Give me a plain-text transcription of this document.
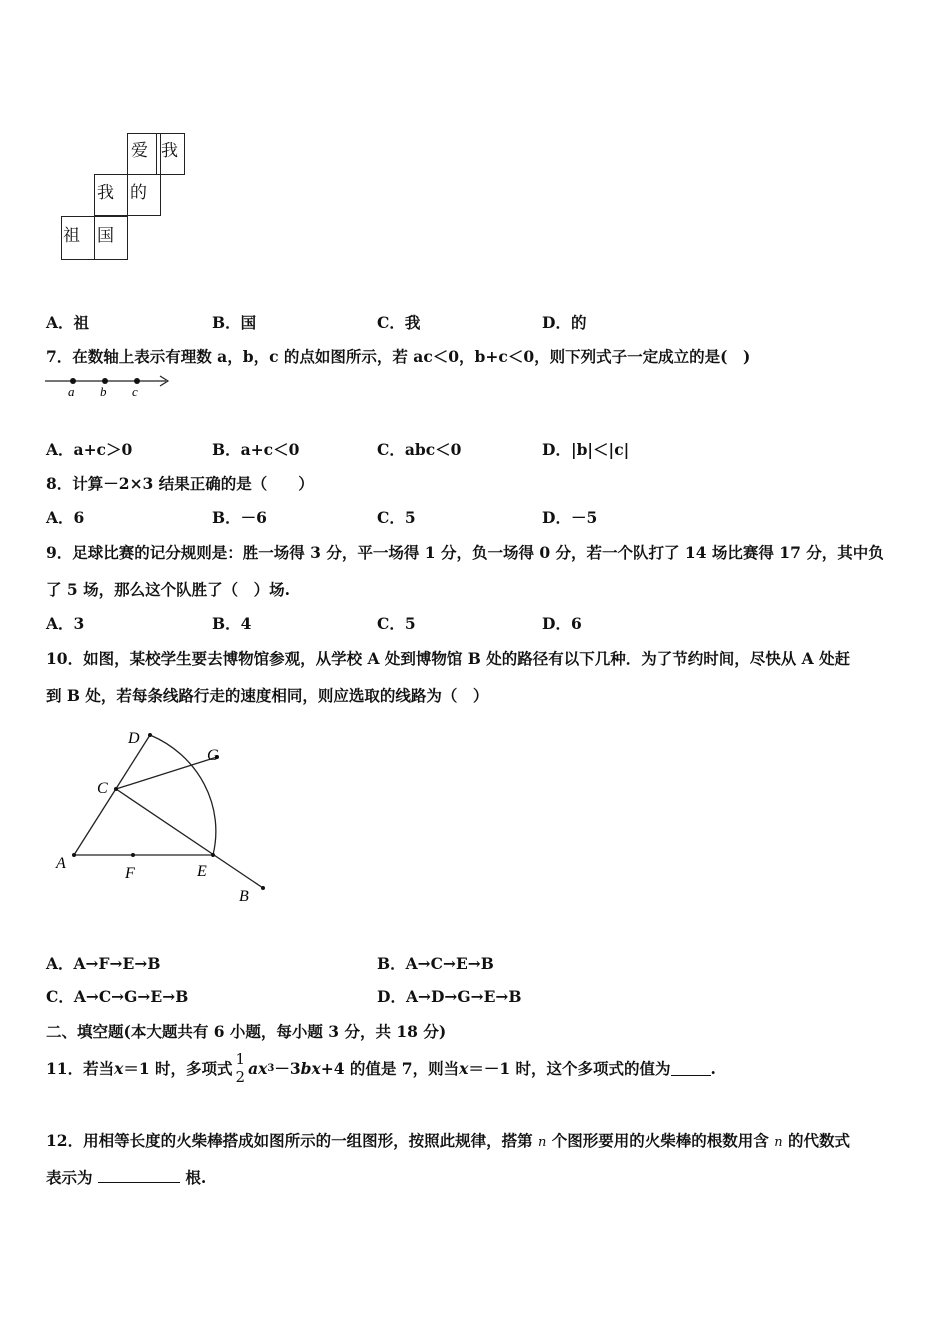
爱 我
我 的
祖 国
A．祖	B．国	C．我	D．的
7．在数轴上表示有理数 a，b，c 的点如图所示，若 ac＜0，b+c＜0，则下列式子一定成立的是(　)
a b c
A．a+c＞0	B．a+c＜0	C．abc＜0	D．|b|＜|c|
8．计算－2×3 结果正确的是（　　）
A．6	B．－6	C．5	D．－5
9．足球比赛的记分规则是：胜一场得 3 分，平一场得 1 分，负一场得 0 分，若一个队打了 14 场比赛得 17 分，其中负
了 5 场，那么这个队胜了（　）场.
A．3	B．4	C．5	D．6
10．如图，某校学生要去博物馆参观，从学校 A 处到博物馆 B 处的路径有以下几种．为了节约时间，尽快从 A 处赶
到 B 处，若每条线路行走的速度相同，则应选取的线路为（　）
D
G
C
A
F	E
B
A．A→F→E→B	B．A→C→E→B
C．A→C→G→E→B	D．A→D→G→E→B
二、填空题(本大题共有 6 小题，每小题 3 分，共 18 分)
11．若当 x ＝1 时，多项式 1
2 ax 3 －3 bx +4 的值是 7，则当 x ＝－1 时，这个多项式的值为	.
12．用相等长度的火柴棒搭成如图所示的一组图形，按照此规律，搭第 n 个图形要用的火柴棒的根数用含 n 的代数式
表示为	根.
